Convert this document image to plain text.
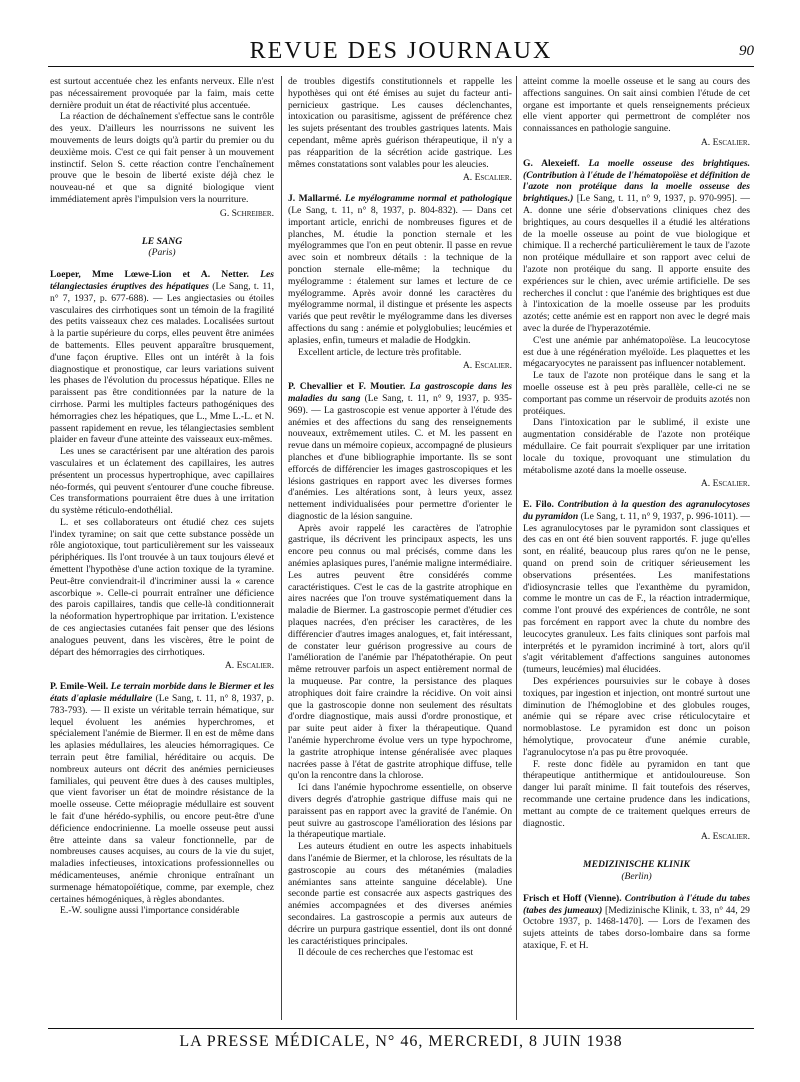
REVUE DES JOURNAUX	90

est surtout accentuée chez les enfants nerveux. Elle n'est pas nécessairement provoquée par la faim, mais cette dernière produit un état de réactivité plus accentuée.

La réaction de déchaînement s'effectue sans le contrôle des yeux. D'ailleurs les nourrissons ne suivent les mouvements de leurs doigts qu'à partir du premier ou du deuxième mois. C'est ce qui fait penser à un mouvement instinctif. Selon S. cette réaction contre l'enchaînement prouve que le besoin de liberté existe déjà chez le nouveau-né et que sa dignité biologique vient immédiatement après l'impulsion vers la nourriture.

G. Schreiber.

LE SANG
(Paris)

Loeper, Mme Lœwe-Lion et A. Netter. Les télangiectasies éruptives des hépatiques (Le Sang, t. 11, n° 7, 1937, p. 677-688). — Les angiectasies ou étoiles vasculaires des cirrhotiques sont un témoin de la fragilité des petits vaisseaux chez ces malades. Localisées surtout à la partie supérieure du corps, elles peuvent être animées de battements. Elles peuvent apparaître brusquement, d'une façon éruptive. Elles ont un intérêt à la fois diagnostique et pronostique, car leurs variations suivent les phases de l'évolution du processus hépatique. Elles ne paraissent pas être conditionnées par la nature de la cirrhose. Parmi les multiples facteurs pathogéniques des hémorragies chez les hépatiques, que L., Mme L.-L. et N. passent rapidement en revue, les télangiectasies semblent plaider en faveur d'une atteinte des vaisseaux eux-mêmes.

Les unes se caractérisent par une altération des parois vasculaires et un éclatement des capillaires, les autres présentent un processus hypertrophique, avec capillaires néo-formés, qui peuvent s'entourer d'une couche fibreuse. Ces transformations pourraient être dues à une irritation du système réticulo-endothélial.

L. et ses collaborateurs ont étudié chez ces sujets l'index tyramine; on sait que cette substance possède un rôle angiotoxique, tout particulièrement sur les vaisseaux périphériques. Ils l'ont trouvée à un taux toujours élevé et émettent l'hypothèse d'une action toxique de la tyramine. Peut-être conviendrait-il d'incriminer aussi la « carence ascorbique ». Celle-ci pourrait entraîner une déficience des parois capillaires, tandis que celle-là conditionnerait la néoformation hypertrophique par irritation. L'existence de ces angiectasies cutanées fait penser que des lésions analogues peuvent, dans les viscères, être le point de départ des hémorragies des cirrhotiques.

A. Escalier.

P. Emile-Weil. Le terrain morbide dans le Biermer et les états d'aplasie médullaire (Le Sang, t. 11, n° 8, 1937, p. 783-793). — Il existe un véritable terrain hématique, sur lequel évoluent les anémies hyperchromes, et spécialement l'anémie de Biermer. Il en est de même dans les aplasies médullaires, les aleucies hémorragiques. Ce terrain peut être familial, héréditaire ou acquis. De nombreux auteurs ont décrit des anémies pernicieuses familiales, qui peuvent être dues à des causes multiples, que vient favoriser un état de moindre résistance de la moelle osseuse. Cette méiopragie médullaire est souvent le fait d'une hérédo-syphilis, ou encore peut-être d'une déficience endocrinienne. La moelle osseuse peut aussi être atteinte dans sa valeur fonctionnelle, par de nombreuses causes acquises, au cours de la vie du sujet, maladies infectieuses, intoxications professionnelles ou médicamenteuses, anémie chronique entraînant un surmenage hématopoïétique, comme, par exemple, chez certaines hémogéniques, à règles abondantes.

E.-W. souligne aussi l'importance considérable

de troubles digestifs constitutionnels et rappelle les hypothèses qui ont été émises au sujet du facteur anti-pernicieux gastrique. Les causes déclenchantes, intoxication ou parasitisme, agissent de préférence chez les sujets présentant des troubles gastriques latents. Mais cependant, même après guérison thérapeutique, il n'y a pas réapparition de la sécrétion acide gastrique. Les mêmes constatations sont valables pour les aleucies.

A. Escalier.

J. Mallarmé. Le myélogramme normal et pathologique (Le Sang, t. 11, n° 8, 1937, p. 804-832). — Dans cet important article, enrichi de nombreuses figures et de planches, M. étudie la ponction sternale et les myélogrammes que l'on en peut obtenir. Il passe en revue avec soin et nombreux détails : la technique de la ponction sternale elle-même; la technique du myélogramme : étalement sur lames et lecture de ce myélogramme. Après avoir donné les caractères du myélogramme normal, il distingue et présente les aspects variés que peut revêtir le myélogramme dans les diverses affections du sang : anémie et polyglobulies; leucémies et aplasies, enfin, tumeurs et maladie de Hodgkin.

Excellent article, de lecture très profitable.

A. Escalier.

P. Chevallier et F. Moutier. La gastroscopie dans les maladies du sang (Le Sang, t. 11, n° 9, 1937, p. 935-969). — La gastroscopie est venue apporter à l'étude des anémies et des affections du sang des renseignements nouveaux, extrêmement utiles. C. et M. les passent en revue dans un mémoire copieux, accompagné de plusieurs planches et d'une bibliographie importante. Ils se sont efforcés de différencier les images gastroscopiques et les lésions gastriques en rapport avec les diverses formes d'anémies. Les altérations sont, à leurs yeux, assez nettement individualisées pour permettre d'orienter le diagnostic de la lésion sanguine.

Après avoir rappelé les caractères de l'atrophie gastrique, ils décrivent les principaux aspects, les uns encore peu connus ou mal précisés, comme dans les anémies aplasiques pures, l'anémie maligne intermédiaire. Les autres peuvent être considérés comme caractéristiques. C'est le cas de la gastrite atrophique en aires nacrées que l'on trouve systématiquement dans la maladie de Biermer. La gastroscopie permet d'étudier ces plaques nacrées, d'en préciser les caractères, de les différencier d'autres images analogues, et, fait intéressant, de constater leur guérison progressive au cours de l'amélioration de l'anémie par l'hépatothérapie. On peut même retrouver parfois un aspect entièrement normal de la muqueuse. Par contre, la persistance des plaques atrophiques doit faire craindre la récidive. On voit ainsi que la gastroscopie donne non seulement des résultats d'ordre diagnostique, mais aussi d'ordre pronostique, et par suite peut aider à fixer la thérapeutique. Quand l'anémie hyperchrome évolue vers un type hypochrome, la gastrite atrophique intense généralisée avec plaques nacrées passe à l'état de gastrite atrophique diffuse, telle qu'on la rencontre dans la chlorose.

Ici dans l'anémie hypochrome essentielle, on observe divers degrés d'atrophie gastrique diffuse mais qui ne paraissent pas en rapport avec la gravité de l'anémie. On peut suivre au gastroscope l'amélioration des lésions par la thérapeutique martiale.

Les auteurs étudient en outre les aspects inhabituels dans l'anémie de Biermer, et la chlorose, les résultats de la gastroscopie au cours des métanémies (maladies anémiantes sans atteinte sanguine décelable). Une seconde partie est consacrée aux aspects gastriques des anémies accompagnées et des diverses anémies secondaires. La gastroscopie a permis aux auteurs de décrire un purpura gastrique essentiel, dont ils ont donné les caractéristiques principales.

Il découle de ces recherches que l'estomac est

atteint comme la moelle osseuse et le sang au cours des affections sanguines. On sait ainsi combien l'étude de cet organe est importante et quels renseignements précieux elle vient apporter qui permettront de compléter nos connaissances en pathologie sanguine.

A. Escalier.

G. Alexeieff. La moelle osseuse des brightiques. (Contribution à l'étude de l'hématopoïèse et définition de l'azote non protéique dans la moelle osseuse des brightiques.) [Le Sang, t. 11, n° 9, 1937, p. 970-995]. — A. donne une série d'observations cliniques chez des brightiques, au cours desquelles il a étudié les altérations de la moelle osseuse au point de vue biologique et chimique. Il a recherché particulièrement le taux de l'azote non protéique médullaire et son rapport avec celui de l'azote non protéique du sang. Il apporte ensuite des expériences sur le chien, avec urémie artificielle. De ses recherches il conclut : que l'anémie des brightiques est due à l'intoxication de la moelle osseuse par les produits azotés; cette anémie est en rapport non avec le degré mais avec la durée de l'hyperazotémie.

C'est une anémie par anhématopoïèse. La leucocytose est due à une régénération myéloïde. Les plaquettes et les mégacaryocytes ne paraissent pas influencer notablement.

Le taux de l'azote non protéique dans le sang et la moelle osseuse est à peu près parallèle, celle-ci ne se comportant pas comme un réservoir de produits azotés non protéiques.

Dans l'intoxication par le sublimé, il existe une augmentation considérable de l'azote non protéique médullaire. Ce fait pourrait s'expliquer par une irritation locale du toxique, provoquant une stimulation du métabolisme azoté dans la moelle osseuse.

A. Escalier.

E. Filo. Contribution à la question des agranulocytoses du pyramidon (Le Sang, t. 11, n° 9, 1937, p. 996-1011). — Les agranulocytoses par le pyramidon sont classiques et des cas en ont été bien souvent rapportés. F. juge qu'elles sont, en réalité, beaucoup plus rares qu'on ne le pense, quand on prend soin de critiquer sérieusement les observations présentées. Les manifestations d'idiosyncrasie telles que l'exanthème du pyramidon, comme le montre un cas de F., la réaction intradermique, comme l'ont prouvé des expériences de contrôle, ne sont pas forcément en rapport avec la chute du nombre des leucocytes granuleux. Les faits cliniques sont parfois mal interprétés et le pyramidon incriminé à tort, alors qu'il s'agit véritablement d'affections sanguines autonomes (tumeurs, leucémies) mal élucidées.

Des expériences poursuivies sur le cobaye à doses toxiques, par ingestion et injection, ont montré surtout une diminution de l'hémoglobine et des globules rouges, anémie qui se répare avec crise réticulocytaire et normoblastose. Le pyramidon est donc un poison hémolytique, provocateur d'une anémie curable, l'agranulocytose n'a pas pu être provoquée.

F. reste donc fidèle au pyramidon en tant que thérapeutique antithermique et antidouloureuse. Son danger lui paraît minime. Il fait toutefois des réserves, recommande une certaine prudence dans les indications, mettant au compte de ce traitement quelques erreurs de diagnostic.

A. Escalier.

MEDIZINISCHE KLINIK
(Berlin)

Frisch et Hoff (Vienne). Contribution à l'étude du tabes (tabes des jumeaux) [Medizinische Klinik, t. 33, n° 44, 29 Octobre 1937, p. 1468-1470]. — Lors de l'examen des sujets atteints de tabes dorso-lombaire dans sa forme ataxique, F. et H.

LA PRESSE MÉDICALE, N° 46, MERCREDI, 8 JUIN 1938
